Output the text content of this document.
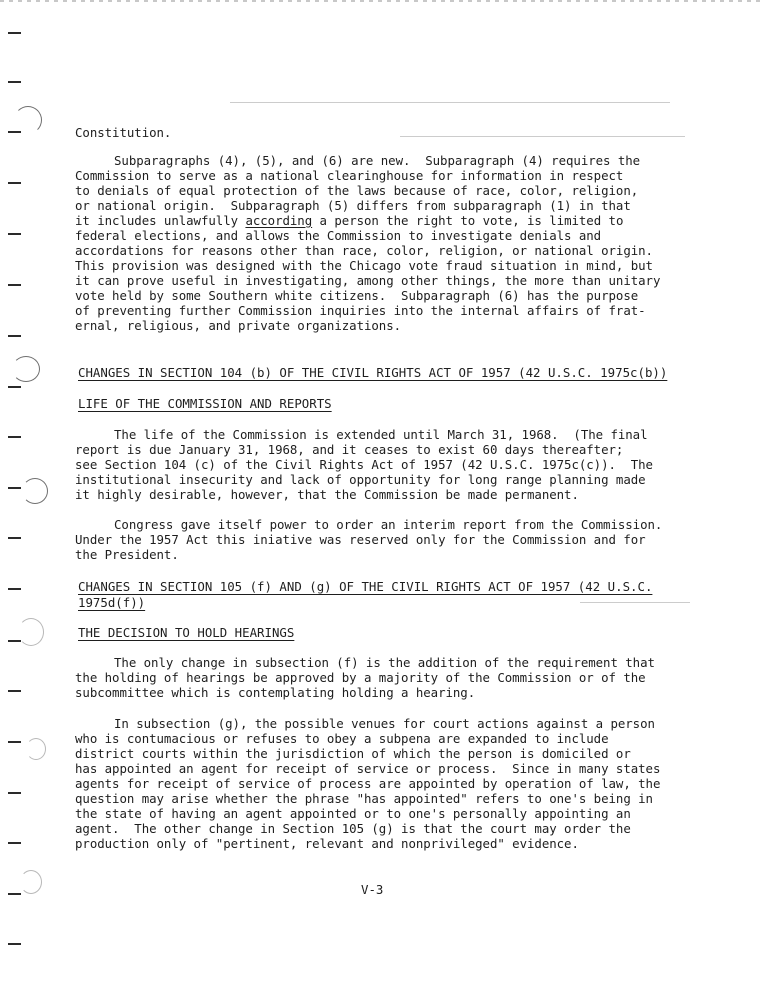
Constitution.

Subparagraphs (4), (5), and (6) are new.  Subparagraph (4) requires the

Commission to serve as a national clearinghouse for information in respect

to denials of equal protection of the laws because of race, color, religion,

or national origin.  Subparagraph (5) differs from subparagraph (1) in that

it includes unlawfully according a person the right to vote, is limited to

federal elections, and allows the Commission to investigate denials and

accordations for reasons other than race, color, religion, or national origin.

This provision was designed with the Chicago vote fraud situation in mind, but

it can prove useful in investigating, among other things, the more than unitary

vote held by some Southern white citizens.  Subparagraph (6) has the purpose

of preventing further Commission inquiries into the internal affairs of frat-

ernal, religious, and private organizations.

CHANGES IN SECTION 104 (b) OF THE CIVIL RIGHTS ACT OF 1957 (42 U.S.C. 1975c(b))

LIFE OF THE COMMISSION AND REPORTS

The life of the Commission is extended until March 31, 1968.  (The final

report is due January 31, 1968, and it ceases to exist 60 days thereafter;

see Section 104 (c) of the Civil Rights Act of 1957 (42 U.S.C. 1975c(c)).  The

institutional insecurity and lack of opportunity for long range planning made

it highly desirable, however, that the Commission be made permanent.

Congress gave itself power to order an interim report from the Commission.

Under the 1957 Act this iniative was reserved only for the Commission and for

the President.

CHANGES IN SECTION 105 (f) AND (g) OF THE CIVIL RIGHTS ACT OF 1957 (42 U.S.C.

1975d(f))

THE DECISION TO HOLD HEARINGS

The only change in subsection (f) is the addition of the requirement that

the holding of hearings be approved by a majority of the Commission or of the

subcommittee which is contemplating holding a hearing.

In subsection (g), the possible venues for court actions against a person

who is contumacious or refuses to obey a subpena are expanded to include

district courts within the jurisdiction of which the person is domiciled or

has appointed an agent for receipt of service or process.  Since in many states

agents for receipt of service of process are appointed by operation of law, the

question may arise whether the phrase "has appointed" refers to one's being in

the state of having an agent appointed or to one's personally appointing an

agent.  The other change in Section 105 (g) is that the court may order the

production only of "pertinent, relevant and nonprivileged" evidence.

V-3
